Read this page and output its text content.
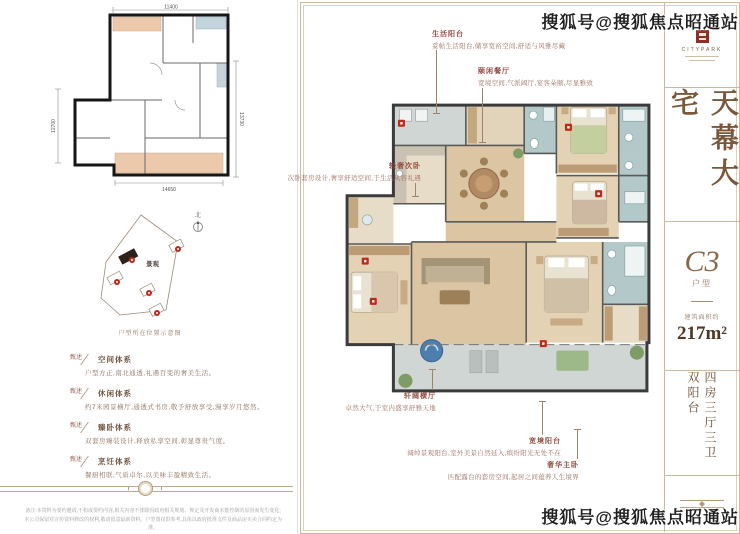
11400
14650
12700
13730
景观
北
户型所在位置示意图
甄述 空间体系
户型方正,南北通透,礼遇百变的奢美生活。
甄述 休闲体系
约7米园景横厅,通透式书房,敬予舒放享受,漫享岁月悠然。
甄述 臻卧体系
双套房臻装设计,释放私享空间,彰显尊贵气度。
甄述 烹饪体系
餐厨相联,气质卓尔,以美味丰盈精致生活。
备注:本资料为要约邀请,不构成要约内容,相关内容不排除因政府相关规划、规定及开发商未能控制的原因而发生变化;
本公司保留对宣传资料修改的权利,敬请留意最新资料。户型图仅供参考,具体以政府批准文件及商品房买卖合同约定为准。
生活阳台
妥帖生活阳台,储享宽裕空间,舒适与风雅尽藏
颐闲餐厅
宽境空间,气派阔厅,宴客朵颐,尽显雅致
轻奢次卧
次卧套房设计,奢享舒适空间,于生活从容礼遇
轩阔横厅
卓然大气,于室内盛享舒雅天地
宽境阳台
阔绰景观阳台,室外美景自然延入,缤纷阳光无处不在
奢华主卧
匹配露台的套房空间,起居之间蕴养人生境界
CITYPARK
天幕大宅
C3
户型
建筑面积约
217m²
四房三厅三卫双阳台
搜狐号@搜狐焦点昭通站
搜狐号@搜狐焦点昭通站
